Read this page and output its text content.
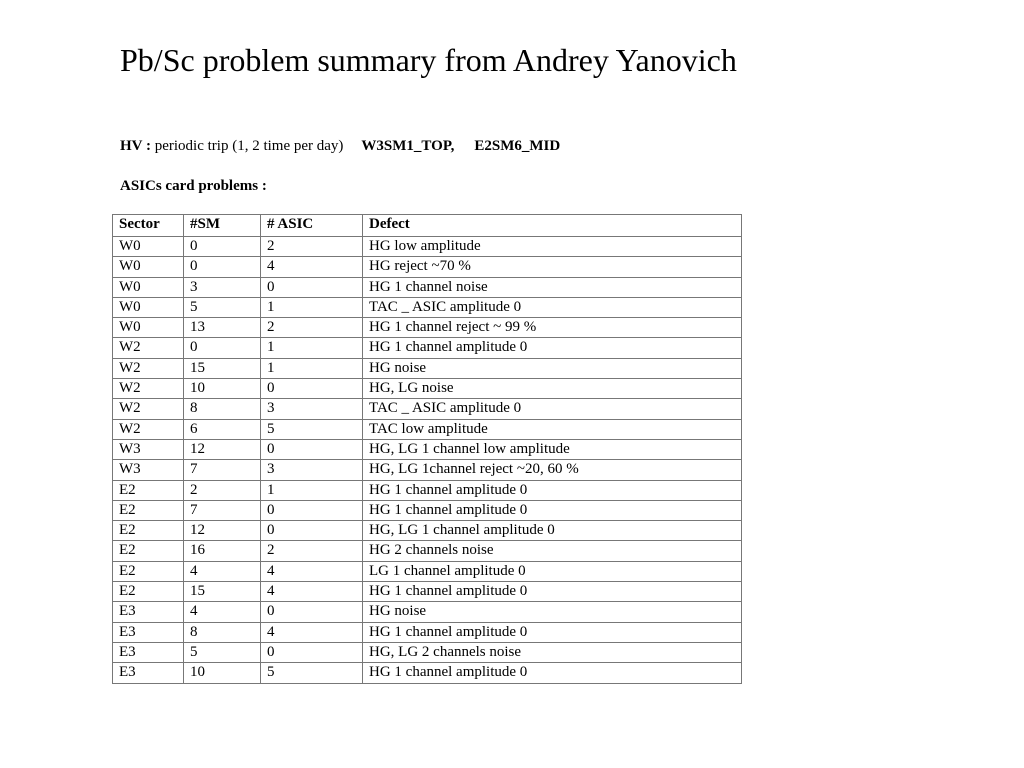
Pb/Sc problem summary from Andrey Yanovich
HV : periodic trip (1, 2 time per day) W3SM1_TOP, E2SM6_MID
ASICs card problems :
Sector	#SM	# ASIC	Defect
W0	0	2	HG low amplitude
W0	0	4	HG reject ~70 %
W0	3	0	HG 1 channel noise
W0	5	1	TAC _ ASIC amplitude 0
W0	13	2	HG 1 channel reject ~ 99 %
W2	0	1	HG 1 channel amplitude 0
W2	15	1	HG noise
W2	10	0	HG, LG noise
W2	8	3	TAC _ ASIC amplitude 0
W2	6	5	TAC low amplitude
W3	12	0	HG, LG 1 channel low amplitude
W3	7	3	HG, LG 1channel reject ~20, 60 %
E2	2	1	HG 1 channel amplitude 0
E2	7	0	HG 1 channel amplitude 0
E2	12	0	HG, LG 1 channel amplitude 0
E2	16	2	HG 2 channels noise
E2	4	4	LG 1 channel amplitude 0
E2	15	4	HG 1 channel amplitude 0
E3	4	0	HG noise
E3	8	4	HG 1 channel amplitude 0
E3	5	0	HG, LG 2 channels noise
E3	10	5	HG 1 channel amplitude 0
